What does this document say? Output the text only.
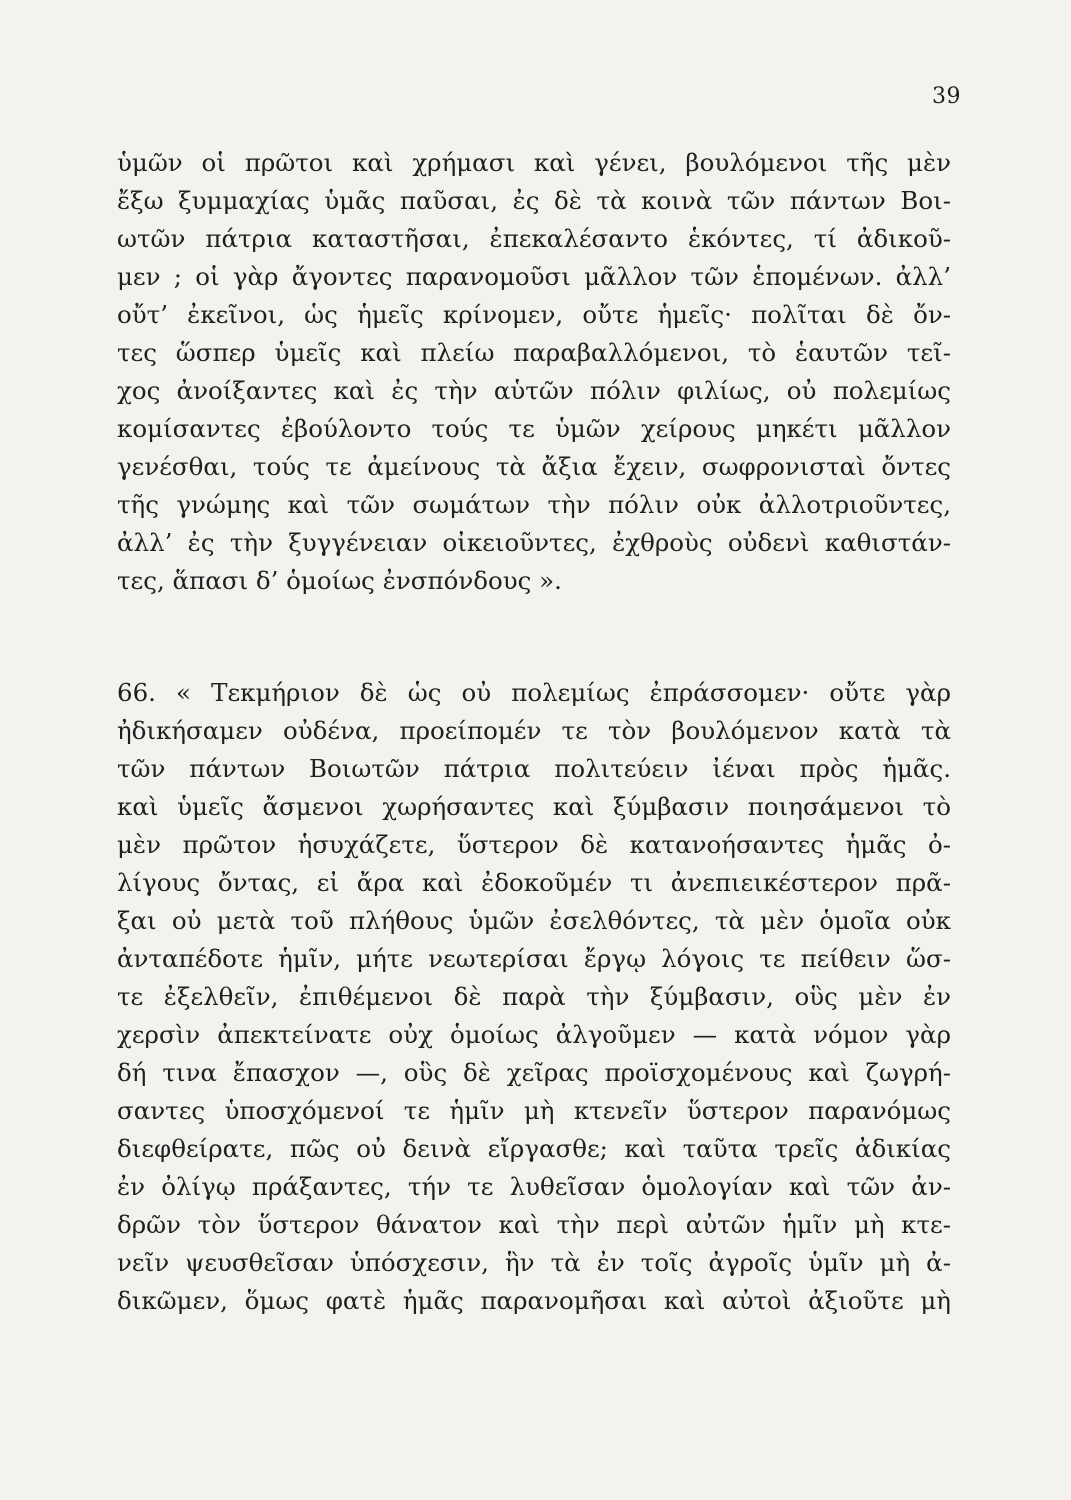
39
ὑμῶν οἱ πρῶτοι καὶ χρήμασι καὶ γένει, βουλόμενοι τῆς μὲν
ἔξω ξυμμαχίας ὑμᾶς παῦσαι, ἐς δὲ τὰ κοινὰ τῶν πάντων Βοι-
ωτῶν πάτρια καταστῆσαι, ἐπεκαλέσαντο ἑκόντες, τί ἀδικοῦ-
μεν ; οἱ γὰρ ἄγοντες παρανομοῦσι μᾶλλον τῶν ἑπομένων. ἀλλ’
οὔτ’ ἐκεῖνοι, ὡς ἡμεῖς κρίνομεν, οὔτε ἡμεῖς· πολῖται δὲ ὄν-
τες ὥσπερ ὑμεῖς καὶ πλείω παραβαλλόμενοι, τὸ ἑαυτῶν τεῖ-
χος ἀνοίξαντες καὶ ἐς τὴν αὑτῶν πόλιν φιλίως, οὐ πολεμίως
κομίσαντες ἐβούλοντο τούς τε ὑμῶν χείρους μηκέτι μᾶλλον
γενέσθαι, τούς τε ἀμείνους τὰ ἄξια ἔχειν, σωφρονισταὶ ὄντες
τῆς γνώμης καὶ τῶν σωμάτων τὴν πόλιν οὐκ ἀλλοτριοῦντες,
ἀλλ’ ἐς τὴν ξυγγένειαν οἰκειοῦντες, ἐχθροὺς οὐδενὶ καθιστάν-
τες, ἅπασι δ’ ὁμοίως ἐνσπόνδους ».
66. « Τεκμήριον δὲ ὡς οὐ πολεμίως ἐπράσσομεν· οὔτε γὰρ
ἠδικήσαμεν οὐδένα, προείπομέν τε τὸν βουλόμενον κατὰ τὰ
τῶν πάντων Βοιωτῶν πάτρια πολιτεύειν ἰέναι πρὸς ἡμᾶς.
καὶ ὑμεῖς ἄσμενοι χωρήσαντες καὶ ξύμβασιν ποιησάμενοι τὸ
μὲν πρῶτον ἡσυχάζετε, ὕστερον δὲ κατανοήσαντες ἡμᾶς ὀ-
λίγους ὄντας, εἰ ἄρα καὶ ἐδοκοῦμέν τι ἀνεπιεικέστερον πρᾶ-
ξαι οὐ μετὰ τοῦ πλήθους ὑμῶν ἐσελθόντες, τὰ μὲν ὁμοῖα οὐκ
ἀνταπέδοτε ἡμῖν, μήτε νεωτερίσαι ἔργῳ λόγοις τε πείθειν ὥσ-
τε ἐξελθεῖν, ἐπιθέμενοι δὲ παρὰ τὴν ξύμβασιν, οὓς μὲν ἐν
χερσὶν ἀπεκτείνατε οὐχ ὁμοίως ἀλγοῦμεν — κατὰ νόμον γὰρ
δή τινα ἔπασχον —, οὓς δὲ χεῖρας προϊσχομένους καὶ ζωγρή-
σαντες ὑποσχόμενοί τε ἡμῖν μὴ κτενεῖν ὕστερον παρανόμως
διεφθείρατε, πῶς οὐ δεινὰ εἴργασθε; καὶ ταῦτα τρεῖς ἀδικίας
ἐν ὀλίγῳ πράξαντες, τήν τε λυθεῖσαν ὁμολογίαν καὶ τῶν ἀν-
δρῶν τὸν ὕστερον θάνατον καὶ τὴν περὶ αὐτῶν ἡμῖν μὴ κτε-
νεῖν ψευσθεῖσαν ὑπόσχεσιν, ἣν τὰ ἐν τοῖς ἀγροῖς ὑμῖν μὴ ἀ-
δικῶμεν, ὅμως φατὲ ἡμᾶς παρανομῆσαι καὶ αὐτοὶ ἀξιοῦτε μὴ
